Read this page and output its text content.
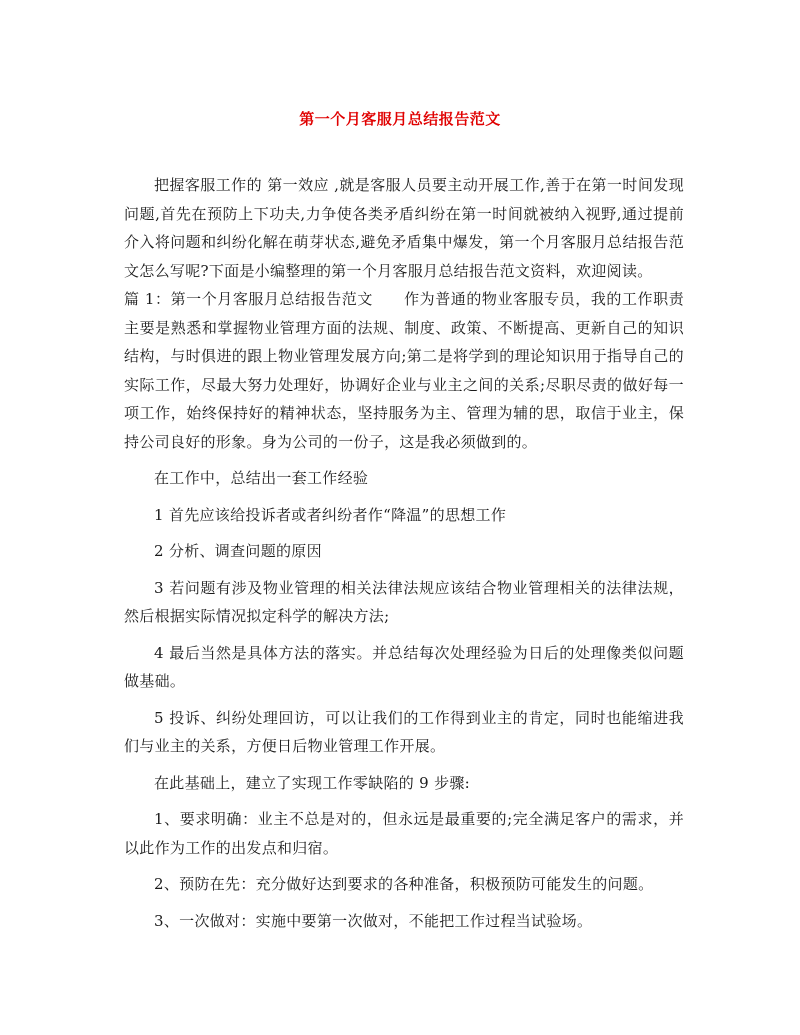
第一个月客服月总结报告范文

把握客服工作的 第一效应 ,就是客服人员要主动开展工作,善于在第一时间发现问题,首先在预防上下功夫,力争使各类矛盾纠纷在第一时间就被纳入视野,通过提前介入将问题和纠纷化解在萌芽状态,避免矛盾集中爆发，第一个月客服月总结报告范文怎么写呢?下面是小编整理的第一个月客服月总结报告范文资料，欢迎阅读。

篇 1：第一个月客服月总结报告范文　　作为普通的物业客服专员，我的工作职责主要是熟悉和掌握物业管理方面的法规、制度、政策、不断提高、更新自己的知识结构，与时俱进的跟上物业管理发展方向;第二是将学到的理论知识用于指导自己的实际工作，尽最大努力处理好，协调好企业与业主之间的关系;尽职尽责的做好每一项工作，始终保持好的精神状态，坚持服务为主、管理为辅的思，取信于业主，保持公司良好的形象。身为公司的一份子，这是我必须做到的。

在工作中，总结出一套工作经验

1 首先应该给投诉者或者纠纷者作“降温”的思想工作

2 分析、调查问题的原因

3 若问题有涉及物业管理的相关法律法规应该结合物业管理相关的法律法规，然后根据实际情况拟定科学的解决方法;

4 最后当然是具体方法的落实。并总结每次处理经验为日后的处理像类似问题做基础。

5 投诉、纠纷处理回访，可以让我们的工作得到业主的肯定，同时也能缩进我们与业主的关系，方便日后物业管理工作开展。

在此基础上，建立了实现工作零缺陷的 9 步骤:

1、要求明确：业主不总是对的，但永远是最重要的;完全满足客户的需求，并以此作为工作的出发点和归宿。

2、预防在先：充分做好达到要求的各种准备，积极预防可能发生的问题。

3、一次做对：实施中要第一次做对，不能把工作过程当试验场。
